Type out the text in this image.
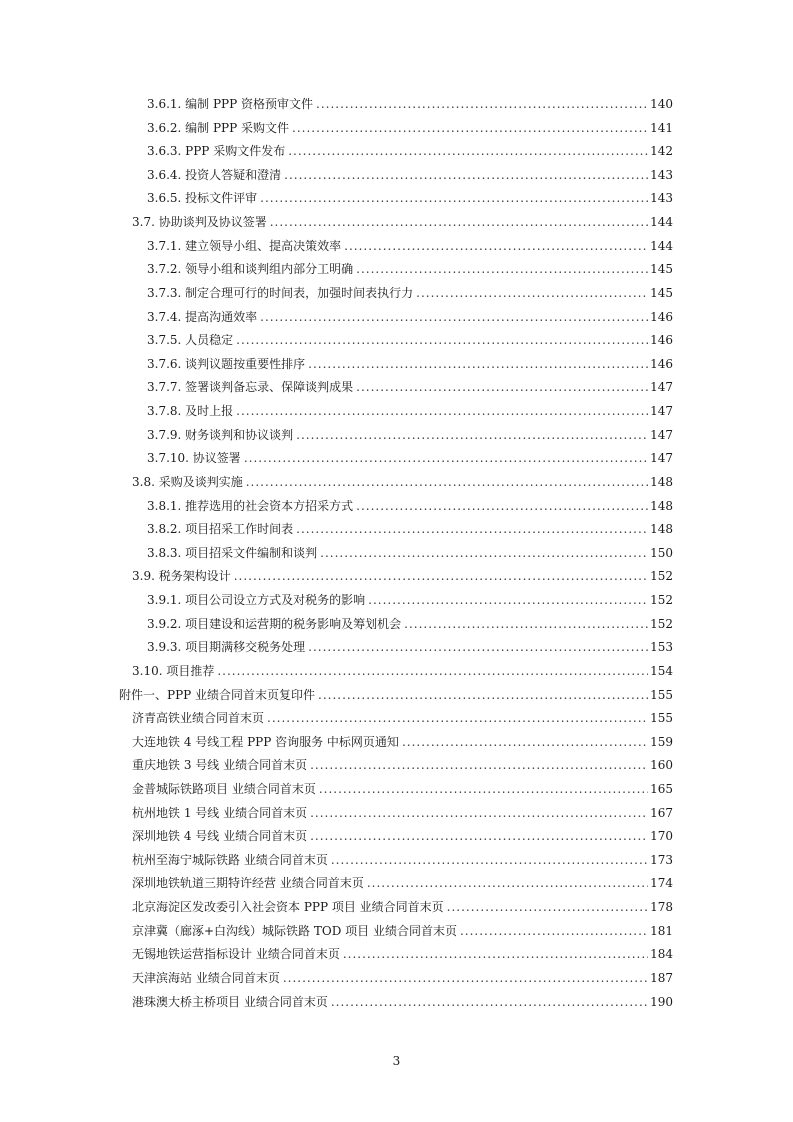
3.6.1. 编制 PPP 资格预审文件 .....	140
3.6.2. 编制 PPP 采购文件 .....	141
3.6.3. PPP 采购文件发布 .....	142
3.6.4. 投资人答疑和澄清 .....	143
3.6.5. 投标文件评审 .....	143
3.7. 协助谈判及协议签署 .....	144
3.7.1. 建立领导小组、提高决策效率 .....	144
3.7.2. 领导小组和谈判组内部分工明确 .....	145
3.7.3. 制定合理可行的时间表，加强时间表执行力 .....	145
3.7.4. 提高沟通效率 .....	146
3.7.5. 人员稳定 .....	146
3.7.6. 谈判议题按重要性排序 .....	146
3.7.7. 签署谈判备忘录、保障谈判成果 .....	147
3.7.8. 及时上报 .....	147
3.7.9. 财务谈判和协议谈判 .....	147
3.7.10. 协议签署 .....	147
3.8. 采购及谈判实施 .....	148
3.8.1. 推荐选用的社会资本方招采方式 .....	148
3.8.2. 项目招采工作时间表 .....	148
3.8.3. 项目招采文件编制和谈判 .....	150
3.9. 税务架构设计 .....	152
3.9.1. 项目公司设立方式及对税务的影响 .....	152
3.9.2. 项目建设和运营期的税务影响及筹划机会 .....	152
3.9.3. 项目期满移交税务处理 .....	153
3.10. 项目推荐 .....	154
附件一、PPP 业绩合同首末页复印件 .....	155
济青高铁业绩合同首末页 .....	155
大连地铁 4 号线工程 PPP 咨询服务 中标网页通知 .....	159
重庆地铁 3 号线 业绩合同首末页 .....	160
金普城际铁路项目 业绩合同首末页 .....	165
杭州地铁 1 号线 业绩合同首末页 .....	167
深圳地铁 4 号线 业绩合同首末页 .....	170
杭州至海宁城际铁路 业绩合同首末页 .....	173
深圳地铁轨道三期特许经营 业绩合同首末页 .....	174
北京海淀区发改委引入社会资本 PPP 项目 业绩合同首末页 .....	178
京津冀（廊涿+白沟线）城际铁路 TOD 项目 业绩合同首末页 .....	181
无锡地铁运营指标设计 业绩合同首末页 .....	184
天津滨海站 业绩合同首末页 .....	187
港珠澳大桥主桥项目 业绩合同首末页 .....	190
3
